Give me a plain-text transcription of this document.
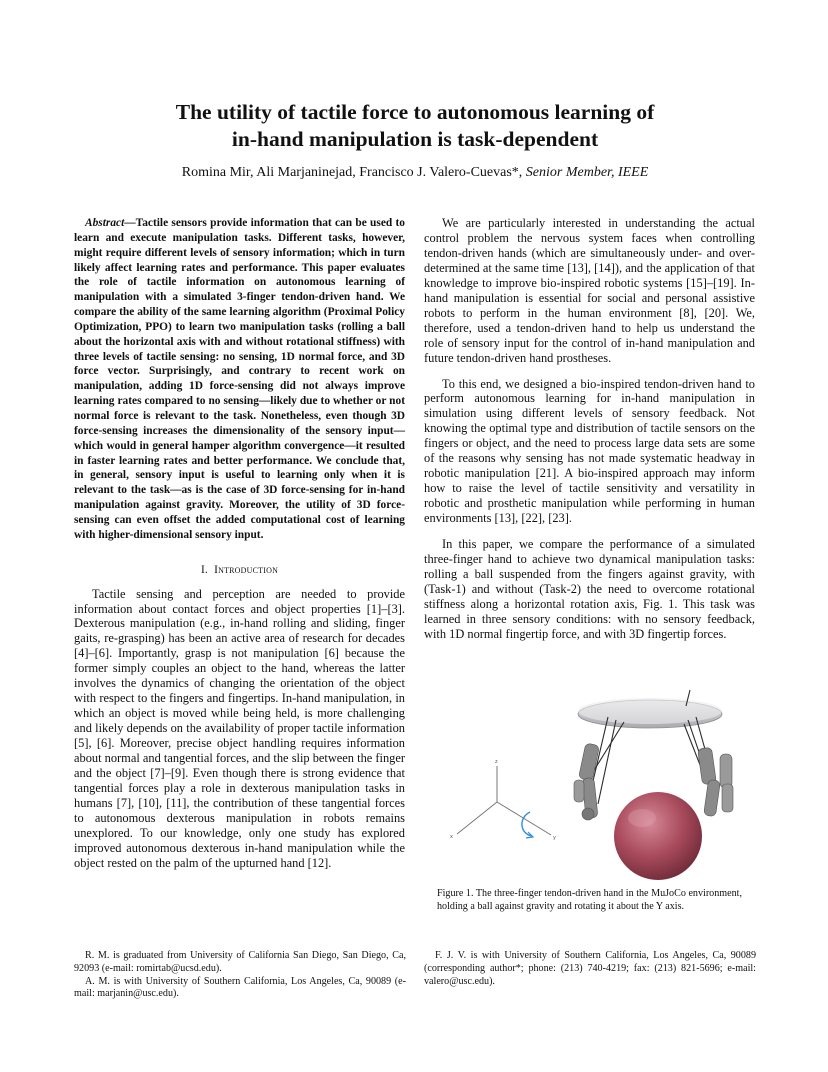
The utility of tactile force to autonomous learning of
in-hand manipulation is task-dependent

Romina Mir, Ali Marjaninejad, Francisco J. Valero-Cuevas*, Senior Member, IEEE

Abstract—Tactile sensors provide information that can be used to learn and execute manipulation tasks. Different tasks, however, might require different levels of sensory information; which in turn likely affect learning rates and performance. This paper evaluates the role of tactile information on autonomous learning of manipulation with a simulated 3-finger tendon-driven hand. We compare the ability of the same learning algorithm (Proximal Policy Optimization, PPO) to learn two manipulation tasks (rolling a ball about the horizontal axis with and without rotational stiffness) with three levels of tactile sensing: no sensing, 1D normal force, and 3D force vector. Surprisingly, and contrary to recent work on manipulation, adding 1D force-sensing did not always improve learning rates compared to no sensing—likely due to whether or not normal force is relevant to the task. Nonetheless, even though 3D force-sensing increases the dimensionality of the sensory input—which would in general hamper algorithm convergence—it resulted in faster learning rates and better performance. We conclude that, in general, sensory input is useful to learning only when it is relevant to the task—as is the case of 3D force-sensing for in-hand manipulation against gravity. Moreover, the utility of 3D force-sensing can even offset the added computational cost of learning with higher-dimensional sensory input.

I. Introduction

Tactile sensing and perception are needed to provide information about contact forces and object properties [1]–[3]. Dexterous manipulation (e.g., in-hand rolling and sliding, finger gaits, re-grasping) has been an active area of research for decades [4]–[6]. Importantly, grasp is not manipulation [6] because the former simply couples an object to the hand, whereas the latter involves the dynamics of changing the orientation of the object with respect to the fingers and fingertips. In-hand manipulation, in which an object is moved while being held, is more challenging and likely depends on the availability of proper tactile information [5], [6]. Moreover, precise object handling requires information about normal and tangential forces, and the slip between the finger and the object [7]–[9]. Even though there is strong evidence that tangential forces play a role in dexterous manipulation tasks in humans [7], [10], [11], the contribution of these tangential forces to autonomous dexterous manipulation in robots remains unexplored. To our knowledge, only one study has explored improved autonomous dexterous in-hand manipulation while the object rested on the palm of the upturned hand [12].

We are particularly interested in understanding the actual control problem the nervous system faces when controlling tendon-driven hands (which are simultaneously under- and over-determined at the same time [13], [14]), and the application of that knowledge to improve bio-inspired robotic systems [15]–[19]. In-hand manipulation is essential for social and personal assistive robots to perform in the human environment [8], [20]. We, therefore, used a tendon-driven hand to help us understand the role of sensory input for the control of in-hand manipulation and future tendon-driven hand prostheses.

To this end, we designed a bio-inspired tendon-driven hand to perform autonomous learning for in-hand manipulation in simulation using different levels of sensory feedback. Not knowing the optimal type and distribution of tactile sensors on the fingers or object, and the need to process large data sets are some of the reasons why sensing has not made systematic headway in robotic manipulation [21]. A bio-inspired approach may inform how to raise the level of tactile sensitivity and versatility in robotic and prosthetic manipulation while performing in human environments [13], [22], [23].

In this paper, we compare the performance of a simulated three-finger hand to achieve two dynamical manipulation tasks: rolling a ball suspended from the fingers against gravity, with (Task-1) and without (Task-2) the need to overcome rotational stiffness along a horizontal rotation axis, Fig. 1. This task was learned in three sensory conditions: with no sensory feedback, with 1D normal fingertip force, and with 3D fingertip forces.

z
x	y

Figure 1. The three-finger tendon-driven hand in the MuJoCo environment, holding a ball against gravity and rotating it about the Y axis.

R. M. is graduated from University of California San Diego, San Diego, Ca, 92093 (e-mail: romirtab@ucsd.edu).
A. M. is with University of Southern California, Los Angeles, Ca, 90089 (e-mail: marjanin@usc.edu).
F. J. V. is with University of Southern California, Los Angeles, Ca, 90089 (corresponding author*; phone: (213) 740-4219; fax: (213) 821-5696; e-mail: valero@usc.edu).
